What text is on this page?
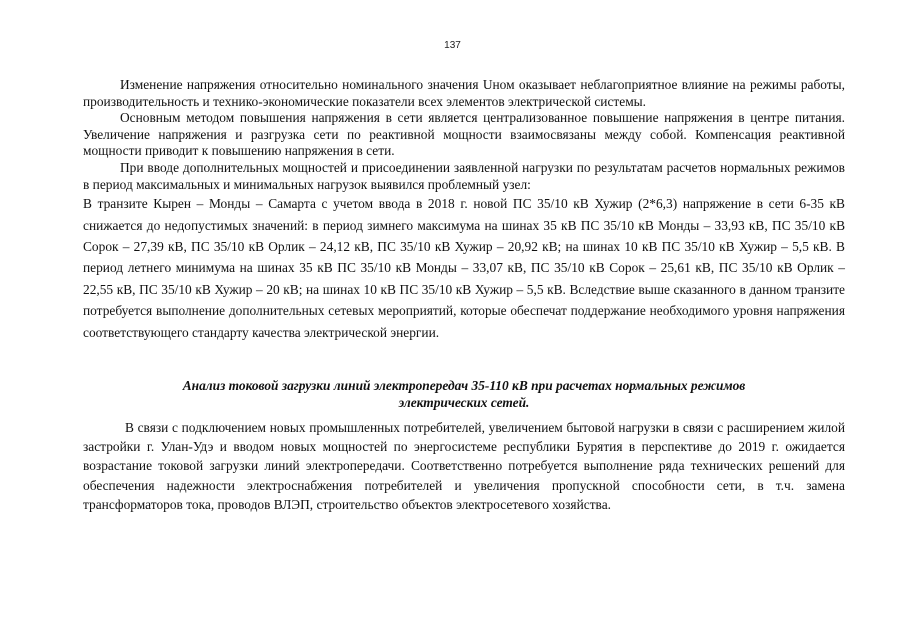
137

Изменение напряжения относительно номинального значения Uном оказывает неблагоприятное влияние на режимы работы, производительность и технико-экономические показатели всех элементов электрической системы.

Основным методом повышения напряжения в сети является централизованное повышение напряжения в центре питания. Увеличение напряжения и разгрузка сети по реактивной мощности взаимосвязаны между собой. Компенсация реактивной мощности приводит к повышению напряжения в сети.

При вводе дополнительных мощностей и присоединении заявленной нагрузки по результатам расчетов нормальных режимов в период максимальных и минимальных нагрузок выявился проблемный узел:

В транзите Кырен – Монды – Самарта с учетом ввода в 2018 г. новой ПС 35/10 кВ Хужир (2*6,3) напряжение в сети 6-35 кВ снижается до недопустимых значений: в период зимнего максимума на шинах 35 кВ ПС 35/10 кВ Монды – 33,93 кВ, ПС 35/10 кВ Сорок – 27,39 кВ, ПС 35/10 кВ Орлик – 24,12 кВ, ПС 35/10 кВ Хужир – 20,92 кВ; на шинах 10 кВ ПС 35/10 кВ Хужир – 5,5 кВ. В период летнего минимума на шинах 35 кВ ПС 35/10 кВ Монды – 33,07 кВ, ПС 35/10 кВ Сорок – 25,61 кВ, ПС 35/10 кВ Орлик – 22,55 кВ, ПС 35/10 кВ Хужир – 20 кВ; на шинах 10 кВ ПС 35/10 кВ Хужир – 5,5 кВ. Вследствие выше сказанного в данном транзите потребуется выполнение дополнительных сетевых мероприятий, которые обеспечат поддержание необходимого уровня напряжения соответствующего стандарту качества электрической энергии.

Анализ токовой загрузки линий электропередач 35-110 кВ при расчетах нормальных режимов
электрических сетей.

В связи с подключением новых промышленных потребителей, увеличением бытовой нагрузки в связи с расширением жилой застройки г. Улан-Удэ и вводом новых мощностей по энергосистеме республики Бурятия в перспективе до 2019 г. ожидается возрастание токовой загрузки линий электропередачи. Соответственно потребуется выполнение ряда технических решений для обеспечения надежности электроснабжения потребителей и увеличения пропускной способности сети, в т.ч. замена трансформаторов тока, проводов ВЛЭП, строительство объектов электросетевого хозяйства.
